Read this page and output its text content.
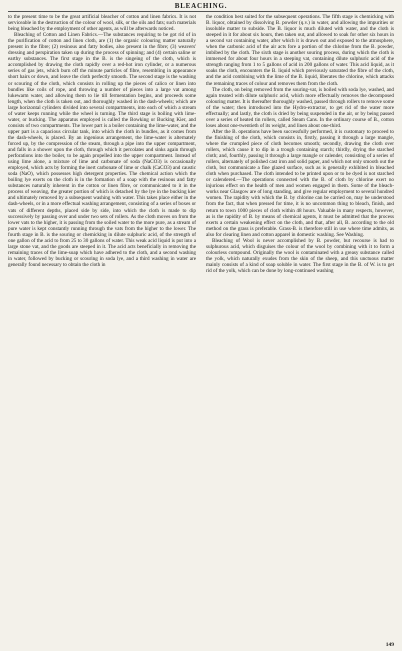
BLEACHING.

to the present time to be the great artificial bleacher of cotton and linen fabrics. It is not serviceable in the destruction of the colour of wool, silk, or the oils and fats; such materials being bleached by the employment of other agents, as will be afterwards noticed.

Bleaching of Cotton and Linen Fabrics.—The substances requiring to be got rid of in the purification of cotton and linen cloth, are (1) the organic colouring matter naturally present in the fibre; (2) resinous and fatty bodies, also present in the fibre; (3) weavers' dressing and perspiration taken up during the process of spinning; and (4) certain saline or earthy substances. The first stage in the B. is the singeing of the cloth, which is accomplished by drawing the cloth rapidly over a red-hot iron cylinder, or a numerous series of gas jets, which burn off the minute particles of fibre, resembling in appearance short hairs or down, and leave the cloth perfectly smooth. The second stage is the washing or scouring of the cloth, which consists in rolling up the pieces of calico or linen into bundles like coils of rope, and throwing a number of pieces into a large vat among lukewarm water, and allowing them to lie till fermentation begins, and proceeds some length, when the cloth is taken out, and thoroughly washed in the dash-wheels; which are large horizontal cylinders divided into several compartments, into each of which a stream of water keeps running while the wheel is turning. The third stage is boiling with lime-water, or bucking. The apparatus employed is called the Bowking or Bucking Kier, and consists of two compartments. The lower part is a boiler containing the lime-water, and the upper part is a capacious circular tank, into which the cloth in bundles, as it comes from the dash-wheels, is placed. By an ingenious arrangement, the lime-water is alternately forced up, by the compression of the steam, through a pipe into the upper compartment, and falls in a shower upon the cloth, through which it percolates and sinks again through perforations into the boiler, to be again propelled into the upper compartment. Instead of using lime alone, a mixture of lime and carbonate of soda (NaCO3) is occasionally employed, which acts by forming the inert carbonate of lime or chalk (CaCO3) and caustic soda (NaO), which possesses high detergent properties. The chemical action which the boiling lye exerts on the cloth is in the formation of a soap with the resinous and fatty substances naturally inherent in the cotton or linen fibre, or communicated to it in the process of weaving, the greater portion of which is detached by the lye in the bucking kier and ultimately removed by a subsequent washing with water. This takes place either in the dash-wheels, or in a more effectual washing arrangement, consisting of a series of boxes or vats of different depths, placed side by side, into which the cloth is made to dip successively by passing over and under two sets of rollers. As the cloth moves on from the lower vats to the higher, it is passing from the soiled water to the more pure, as a stream of pure water is kept constantly running through the vats from the higher to the lower. The fourth stage in B. is the souring or chemicking in dilute sulphuric acid, of the strength of one gallon of the acid to from 25 to 30 gallons of water. This weak acid liquid is put into a large stone vat, and the goods are steeped in it. The acid acts beneficially in removing the remaining traces of the lime-soap which have adhered to the cloth, and a second washing in water, followed by bucking or scouring in soda lye, and a third washing in water are generally found necessary to obtain the cloth in

the condition best suited for the subsequent operations. The fifth stage is chemicking with B. liquor, obtained by dissolving B. powder (q.v.) in water, and allowing the impurities or insoluble matter to subside. The B. liquor is much diluted with water, and the cloth is steeped in it for about six hours, then taken out, and allowed to soak for other six hours in a second vat containing water, after which it is drawn out and exposed to the atmosphere, when the carbonic acid of the air acts fore a portion of the chlorine from the B. powder, imbibed by the cloth. The sixth stage is another souring process, during which the cloth is immersed for about four hours in a steeping vat, containing dilute sulphuric acid of the strength ranging from 1 to 5 gallons of acid in 200 gallons of water. This acid liquid, as it soaks the cloth, encounters the B. liquid which previously saturated the fibre of the cloth, and the acid combining with the lime of the B. liquid, liberates the chlorine, which attacks the remaining traces of colour and removes them from the cloth.

The cloth, on being removed from the souring-vat, is boiled with soda lye, washed, and again treated with dilute sulphuric acid, which more effectually removes the decomposed colouring matter. It is thereafter thoroughly washed, passed through rollers to remove some of the water; then introduced into the Hydro-extractor, to get rid of the water more effectually; and lastly, the cloth is dried by being suspended in the air, or by being passed over a series of heated tin rollers, called Steam Cans. In the ordinary course of B., cotton loses about one-twentieth of its weight, and linen about one-third.

After the B. operations have been successfully performed, it is customary to proceed to the finishing of the cloth, which consists in, firstly, passing it through a large mangle, where the crumpled piece of cloth becomes smooth; secondly, drawing the cloth over rollers, which cause it to dip in a trough containing starch; thirdly, drying the starched cloth; and, fourthly, passing it through a large mangle or calender, consisting of a series of rollers, alternately of polished cast iron and solid paper, and which not only smooth out the cloth, but communicate a fine glazed surface, such as is generally exhibited in bleached cloth when purchased. The cloth intended to be printed upon or to be dyed is not starched or calendered.—The operations connected with the B. of cloth by chlorine exert no injurious effect on the health of men and women engaged in them. Some of the bleach-works near Glasgow are of long standing, and give regular employment to several hundred women. The rapidity with which the B. by chlorine can be carried on, may be understood from the fact, that when pressed for time, it is no uncommon thing to bleach, finish, and return to town 1000 pieces of cloth within 48 hours. Valuable in many respects, however, as is the rapidity of B. by means of chemical agents, it must be admitted that the process exerts a certain weakening effect on the cloth, and that, after all, B. according to the old method on the grass is preferable. Grass-B. is therefore still in use where time admits, as also for clearing linen and cotton apparel in domestic washing. See Washing.

Bleaching of Wool is never accomplished by B. powder, but recourse is had to sulphurous acid, which disguises the colour of the wool by combining with it to form a colourless compound. Originally the wool is contaminated with a greasy substance called the yolk, which naturally exudes from the skin of the sheep, and this unctuous matter mainly consists of a kind of soap soluble in water. The first stage in the B. of W. is to get rid of the yolk, which can be done by long-continued washing

149
